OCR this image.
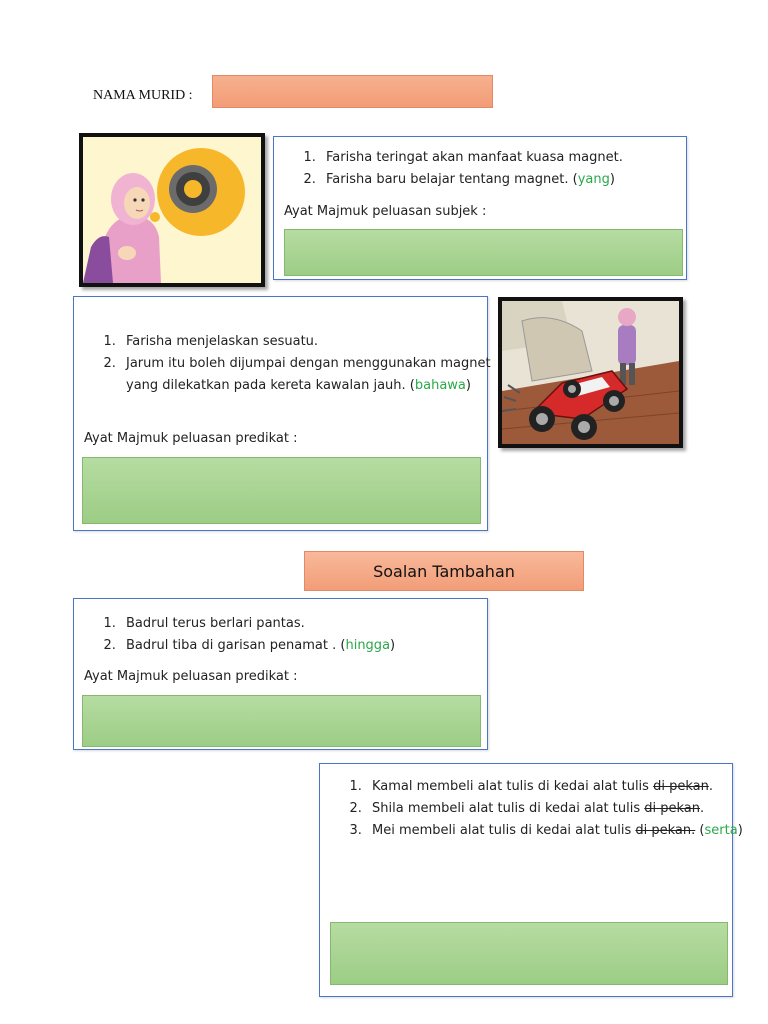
NAMA MURID :
1. Farisha teringat akan manfaat kuasa magnet.
2. Farisha baru belajar tentang magnet. (yang)
Ayat Majmuk peluasan subjek :
1. Farisha menjelaskan sesuatu.
2. Jarum itu boleh dijumpai dengan menggunakan magnet yang dilekatkan pada kereta kawalan jauh. (bahawa)
Ayat Majmuk peluasan predikat :
Soalan Tambahan
1. Badrul terus berlari pantas.
2. Badrul tiba di garisan penamat . (hingga)
Ayat Majmuk peluasan predikat :
1. Kamal membeli alat tulis di kedai alat tulis di pekan.
2. Shila membeli alat tulis di kedai alat tulis di pekan.
3. Mei membeli alat tulis di kedai alat tulis di pekan. (serta)
